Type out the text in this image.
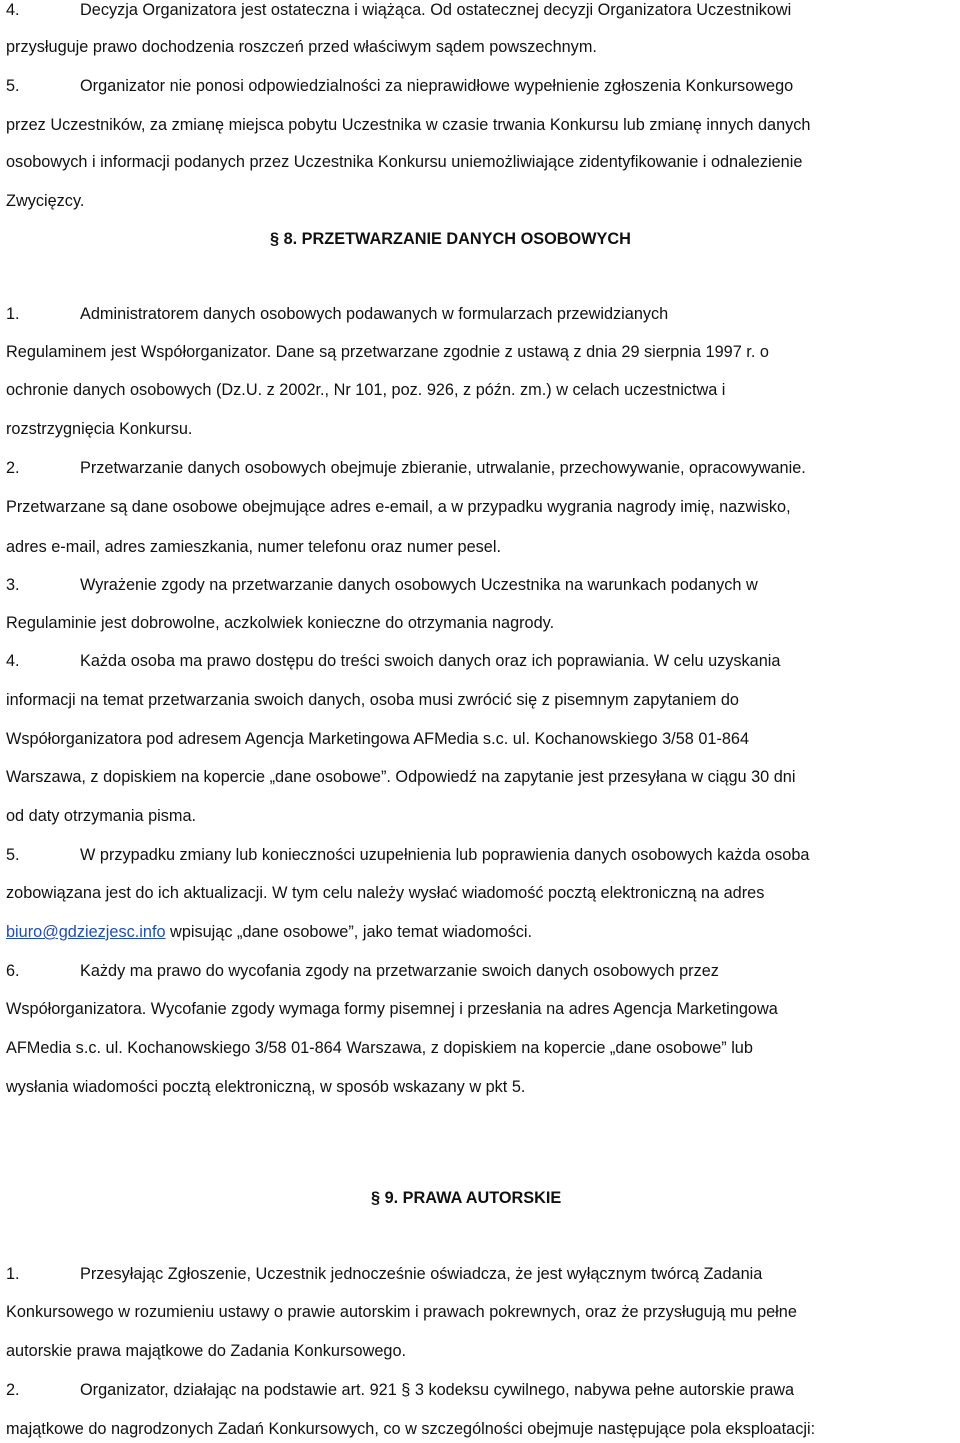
4.	Decyzja Organizatora jest ostateczna i wiążąca. Od ostatecznej decyzji Organizatora Uczestnikowi
przysługuje prawo dochodzenia roszczeń przed właściwym sądem powszechnym.
5.	Organizator nie ponosi odpowiedzialności za nieprawidłowe wypełnienie zgłoszenia Konkursowego
przez Uczestników, za zmianę miejsca pobytu Uczestnika w czasie trwania Konkursu lub zmianę innych danych
osobowych i informacji podanych przez Uczestnika Konkursu uniemożliwiające zidentyfikowanie i odnalezienie
Zwycięzcy.
§ 8. PRZETWARZANIE DANYCH OSOBOWYCH
1.	Administratorem danych osobowych podawanych w formularzach przewidzianych
Regulaminem jest Współorganizator. Dane są przetwarzane zgodnie z ustawą z dnia 29 sierpnia 1997 r. o
ochronie danych osobowych (Dz.U. z 2002r., Nr 101, poz. 926, z późn. zm.) w celach uczestnictwa i
rozstrzygnięcia Konkursu.
2.	Przetwarzanie danych osobowych obejmuje zbieranie, utrwalanie, przechowywanie, opracowywanie.
Przetwarzane są dane osobowe obejmujące adres e-email, a w przypadku wygrania nagrody imię, nazwisko,
adres e-mail, adres zamieszkania, numer telefonu oraz numer pesel.
3.	Wyrażenie zgody na przetwarzanie danych osobowych Uczestnika na warunkach podanych w
Regulaminie jest dobrowolne, aczkolwiek konieczne do otrzymania nagrody.
4.	Każda osoba ma prawo dostępu do treści swoich danych oraz ich poprawiania. W celu uzyskania
informacji na temat przetwarzania swoich danych, osoba musi zwrócić się z pisemnym zapytaniem do
Współorganizatora pod adresem Agencja Marketingowa AFMedia s.c. ul. Kochanowskiego 3/58 01-864
Warszawa, z dopiskiem na kopercie „dane osobowe”. Odpowiedź na zapytanie jest przesyłana w ciągu 30 dni
od daty otrzymania pisma.
5.	W przypadku zmiany lub konieczności uzupełnienia lub poprawienia danych osobowych każda osoba
zobowiązana jest do ich aktualizacji. W tym celu należy wysłać wiadomość pocztą elektroniczną na adres
biuro@gdziezjesc.info wpisując „dane osobowe”, jako temat wiadomości.
6.	Każdy ma prawo do wycofania zgody na przetwarzanie swoich danych osobowych przez
Współorganizatora. Wycofanie zgody wymaga formy pisemnej i przesłania na adres Agencja Marketingowa
AFMedia s.c. ul. Kochanowskiego 3/58 01-864 Warszawa, z dopiskiem na kopercie „dane osobowe” lub
wysłania wiadomości pocztą elektroniczną, w sposób wskazany w pkt 5.
§ 9. PRAWA AUTORSKIE
1.	Przesyłając Zgłoszenie, Uczestnik jednocześnie oświadcza, że jest wyłącznym twórcą Zadania
Konkursowego w rozumieniu ustawy o prawie autorskim i prawach pokrewnych, oraz że przysługują mu pełne
autorskie prawa majątkowe do Zadania Konkursowego.
2.	Organizator, działając na podstawie art. 921 § 3 kodeksu cywilnego, nabywa pełne autorskie prawa
majątkowe do nagrodzonych Zadań Konkursowych, co w szczególności obejmuje następujące pola eksploatacji:
